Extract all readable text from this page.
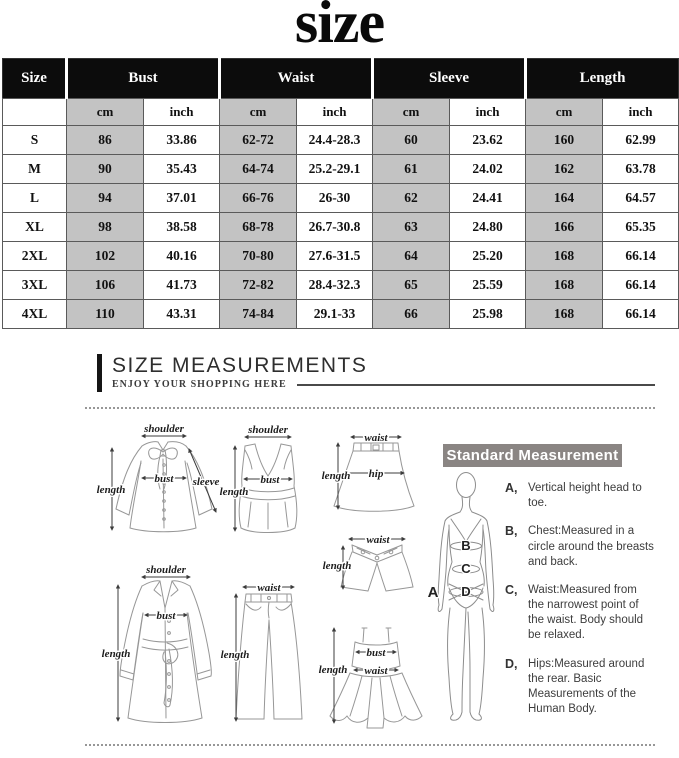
size
Size	Bust		Waist		Sleeve		Length	
	cm	inch	cm	inch	cm	inch	cm	inch
S	86	33.86	62-72	24.4-28.3	60	23.62	160	62.99
M	90	35.43	64-74	25.2-29.1	61	24.02	162	63.78
L	94	37.01	66-76	26-30	62	24.41	164	64.57
XL	98	38.58	68-78	26.7-30.8	63	24.80	166	65.35
2XL	102	40.16	70-80	27.6-31.5	64	25.20	168	66.14
3XL	106	41.73	72-82	28.4-32.3	65	25.59	168	66.14
4XL	110	43.31	74-84	29.1-33	66	25.98	168	66.14
SIZE MEASUREMENTS
ENJOY YOUR SHOPPING HERE
shoulder
bust
length
sleeve
shoulder
bust
length
waist
hip
length
waist
length
shoulder
bust
length
waist
length	bust
waist
length
B
C
D
A
Standard Measurement
A, Vertical height head to toe.
B, Chest:Measured in a circle around the breasts and back.
C, Waist:Measured from the narrowest point of the waist. Body should be relaxed.
D, Hips:Measured around the rear. Basic Measurements of the Human Body.
